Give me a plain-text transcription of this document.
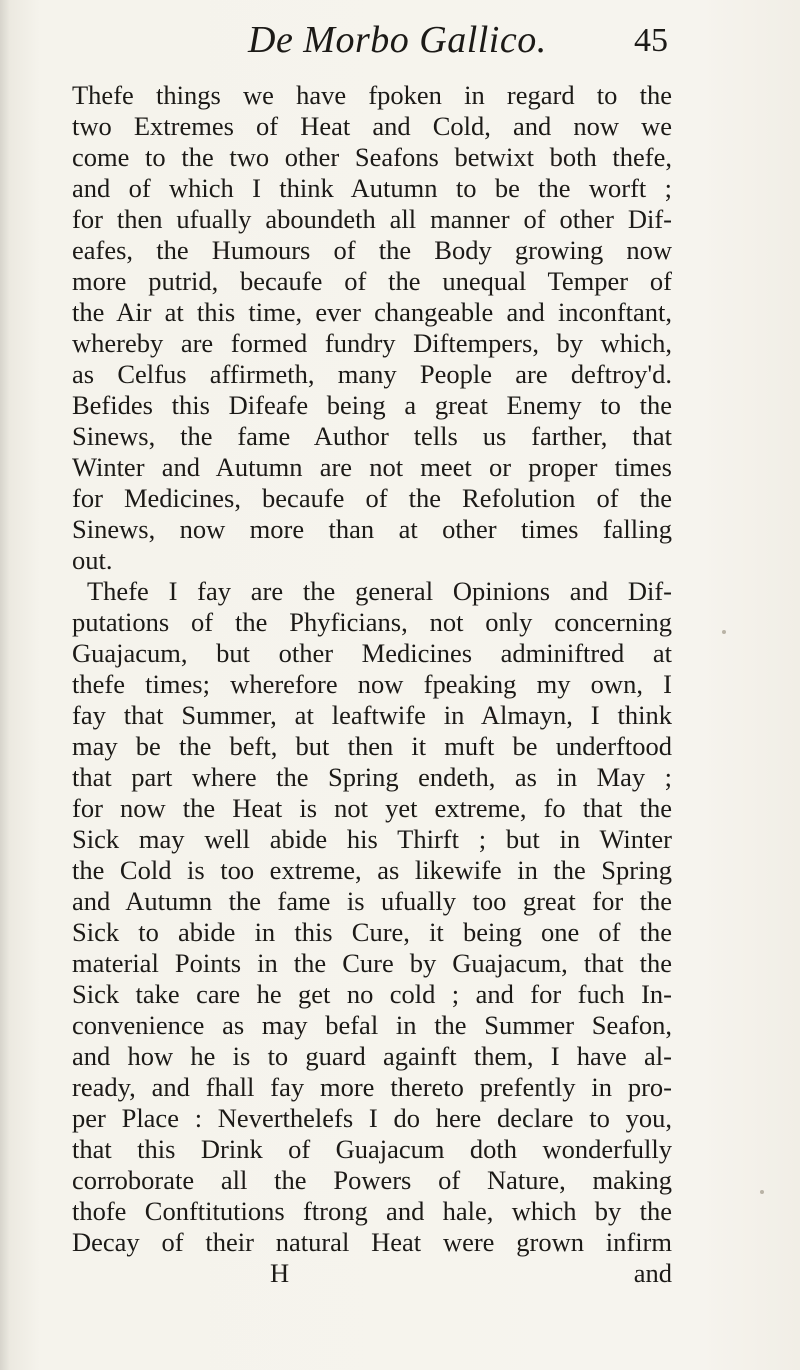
De Morbo Gallico.	45
Thefe things we have fpoken in regard to the
two Extremes of Heat and Cold, and now we
come to the two other Seafons betwixt both thefe,
and of which I think Autumn to be the worft ;
for then ufually aboundeth all manner of other Dif-
eafes, the Humours of the Body growing now
more putrid, becaufe of the unequal Temper of
the Air at this time, ever changeable and inconftant,
whereby are formed fundry Diftempers, by which,
as Celfus affirmeth, many People are deftroy'd.
Befides this Difeafe being a great Enemy to the
Sinews, the fame Author tells us farther, that
Winter and Autumn are not meet or proper times
for Medicines, becaufe of the Refolution of the
Sinews, now more than at other times falling
out.
Thefe I fay are the general Opinions and Dif-
putations of the Phyficians, not only concerning
Guajacum, but other Medicines adminiftred at
thefe times; wherefore now fpeaking my own, I
fay that Summer, at leaftwife in Almayn, I think
may be the beft, but then it muft be underftood
that part where the Spring endeth, as in May ;
for now the Heat is not yet extreme, fo that the
Sick may well abide his Thirft ; but in Winter
the Cold is too extreme, as likewife in the Spring
and Autumn the fame is ufually too great for the
Sick to abide in this Cure, it being one of the
material Points in the Cure by Guajacum, that the
Sick take care he get no cold ; and for fuch In-
convenience as may befal in the Summer Seafon,
and how he is to guard againft them, I have al-
ready, and fhall fay more thereto prefently in pro-
per Place : Neverthelefs I do here declare to you,
that this Drink of Guajacum doth wonderfully
corroborate all the Powers of Nature, making
thofe Conftitutions ftrong and hale, which by the
Decay of their natural Heat were grown infirm
H	and
